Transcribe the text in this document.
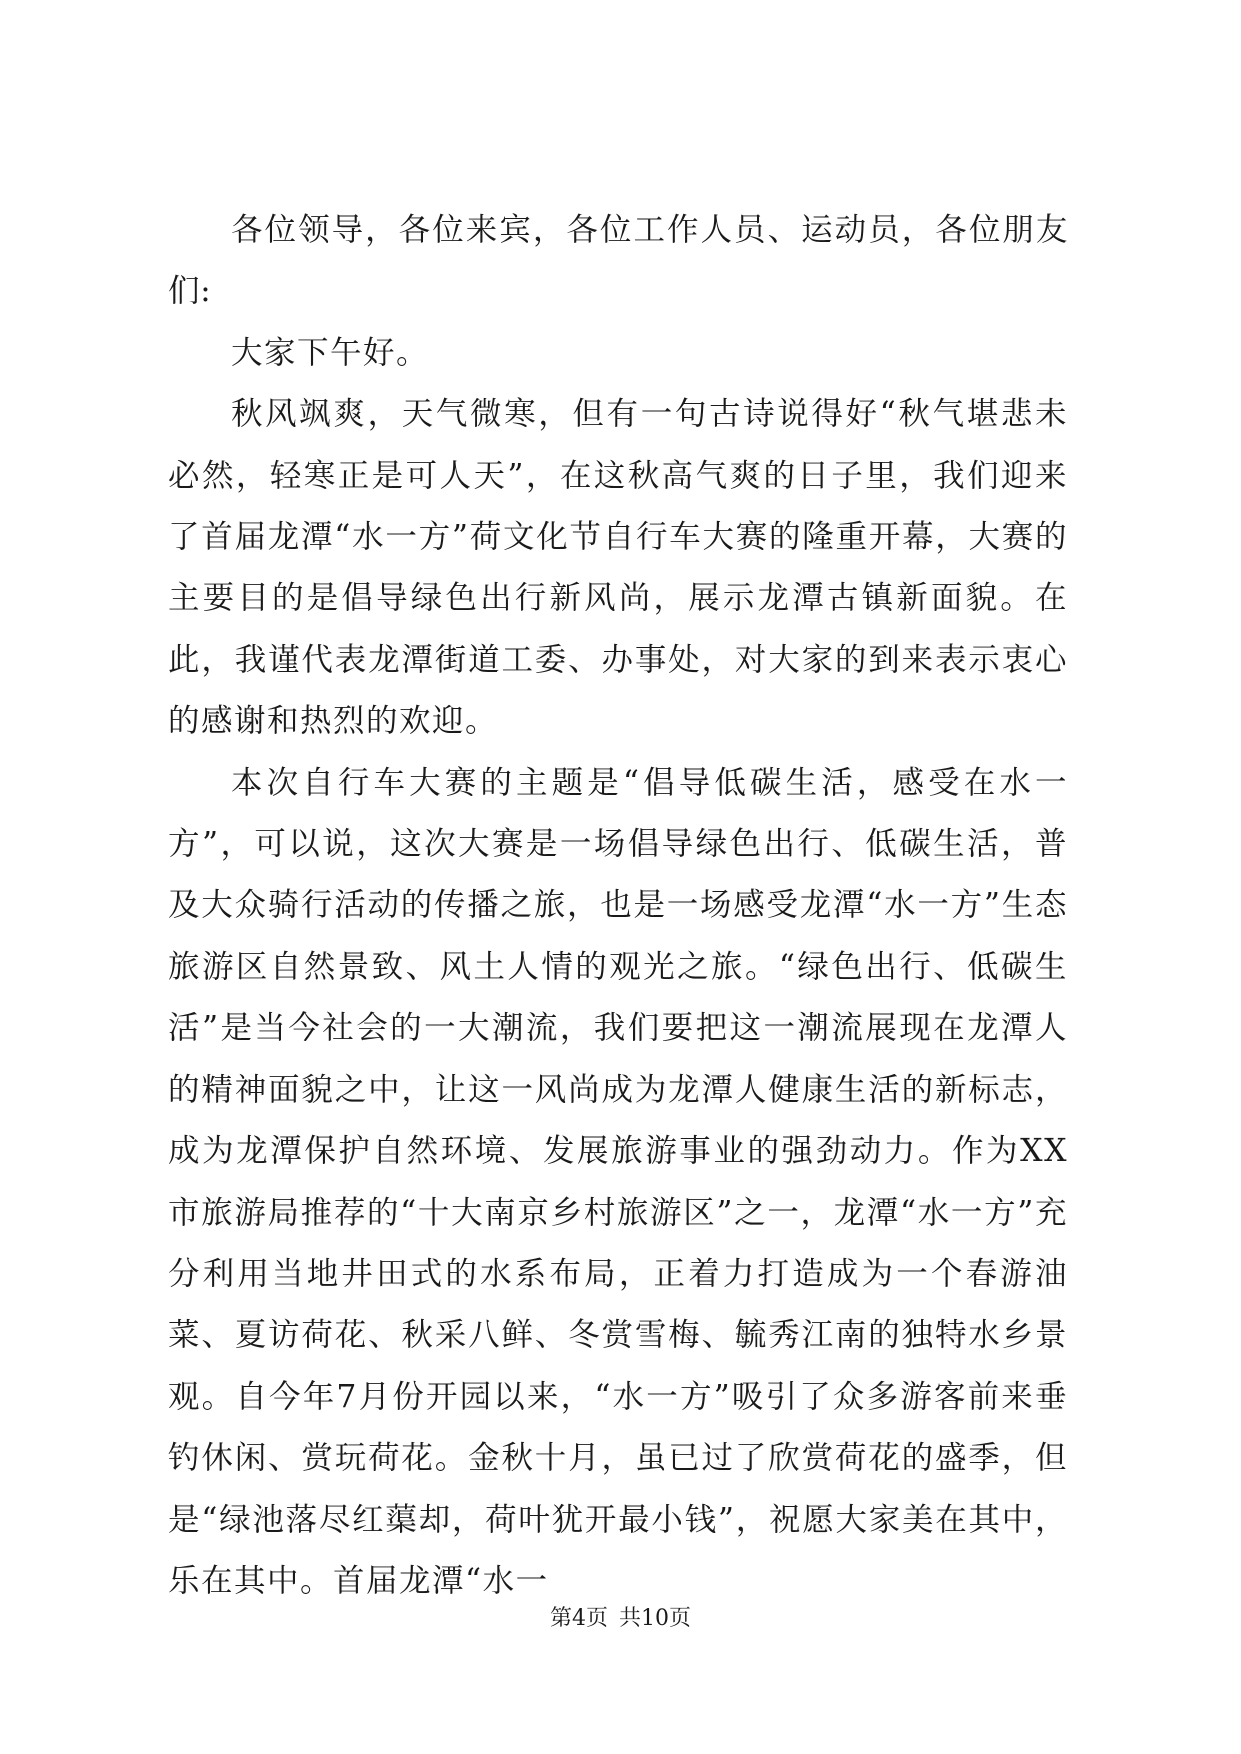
各位领导，各位来宾，各位工作人员、运动员，各位朋友们:

大家下午好。

秋风飒爽，天气微寒，但有一句古诗说得好“秋气堪悲未必然，轻寒正是可人天”，在这秋高气爽的日子里，我们迎来了首届龙潭“水一方”荷文化节自行车大赛的隆重开幕，大赛的主要目的是倡导绿色出行新风尚，展示龙潭古镇新面貌。在此，我谨代表龙潭街道工委、办事处，对大家的到来表示衷心的感谢和热烈的欢迎。

本次自行车大赛的主题是“倡导低碳生活，感受在水一方”，可以说，这次大赛是一场倡导绿色出行、低碳生活，普及大众骑行活动的传播之旅，也是一场感受龙潭“水一方”生态旅游区自然景致、风土人情的观光之旅。“绿色出行、低碳生活”是当今社会的一大潮流，我们要把这一潮流展现在龙潭人的精神面貌之中，让这一风尚成为龙潭人健康生活的新标志，成为龙潭保护自然环境、发展旅游事业的强劲动力。作为XX市旅游局推荐的“十大南京乡村旅游区”之一，龙潭“水一方”充分利用当地井田式的水系布局，正着力打造成为一个春游油菜、夏访荷花、秋采八鲜、冬赏雪梅、毓秀江南的独特水乡景观。自今年7月份开园以来，“水一方”吸引了众多游客前来垂钓休闲、赏玩荷花。金秋十月，虽已过了欣赏荷花的盛季，但是“绿池落尽红蕖却，荷叶犹开最小钱”，祝愿大家美在其中，乐在其中。首届龙潭“水一

第4页 共10页
